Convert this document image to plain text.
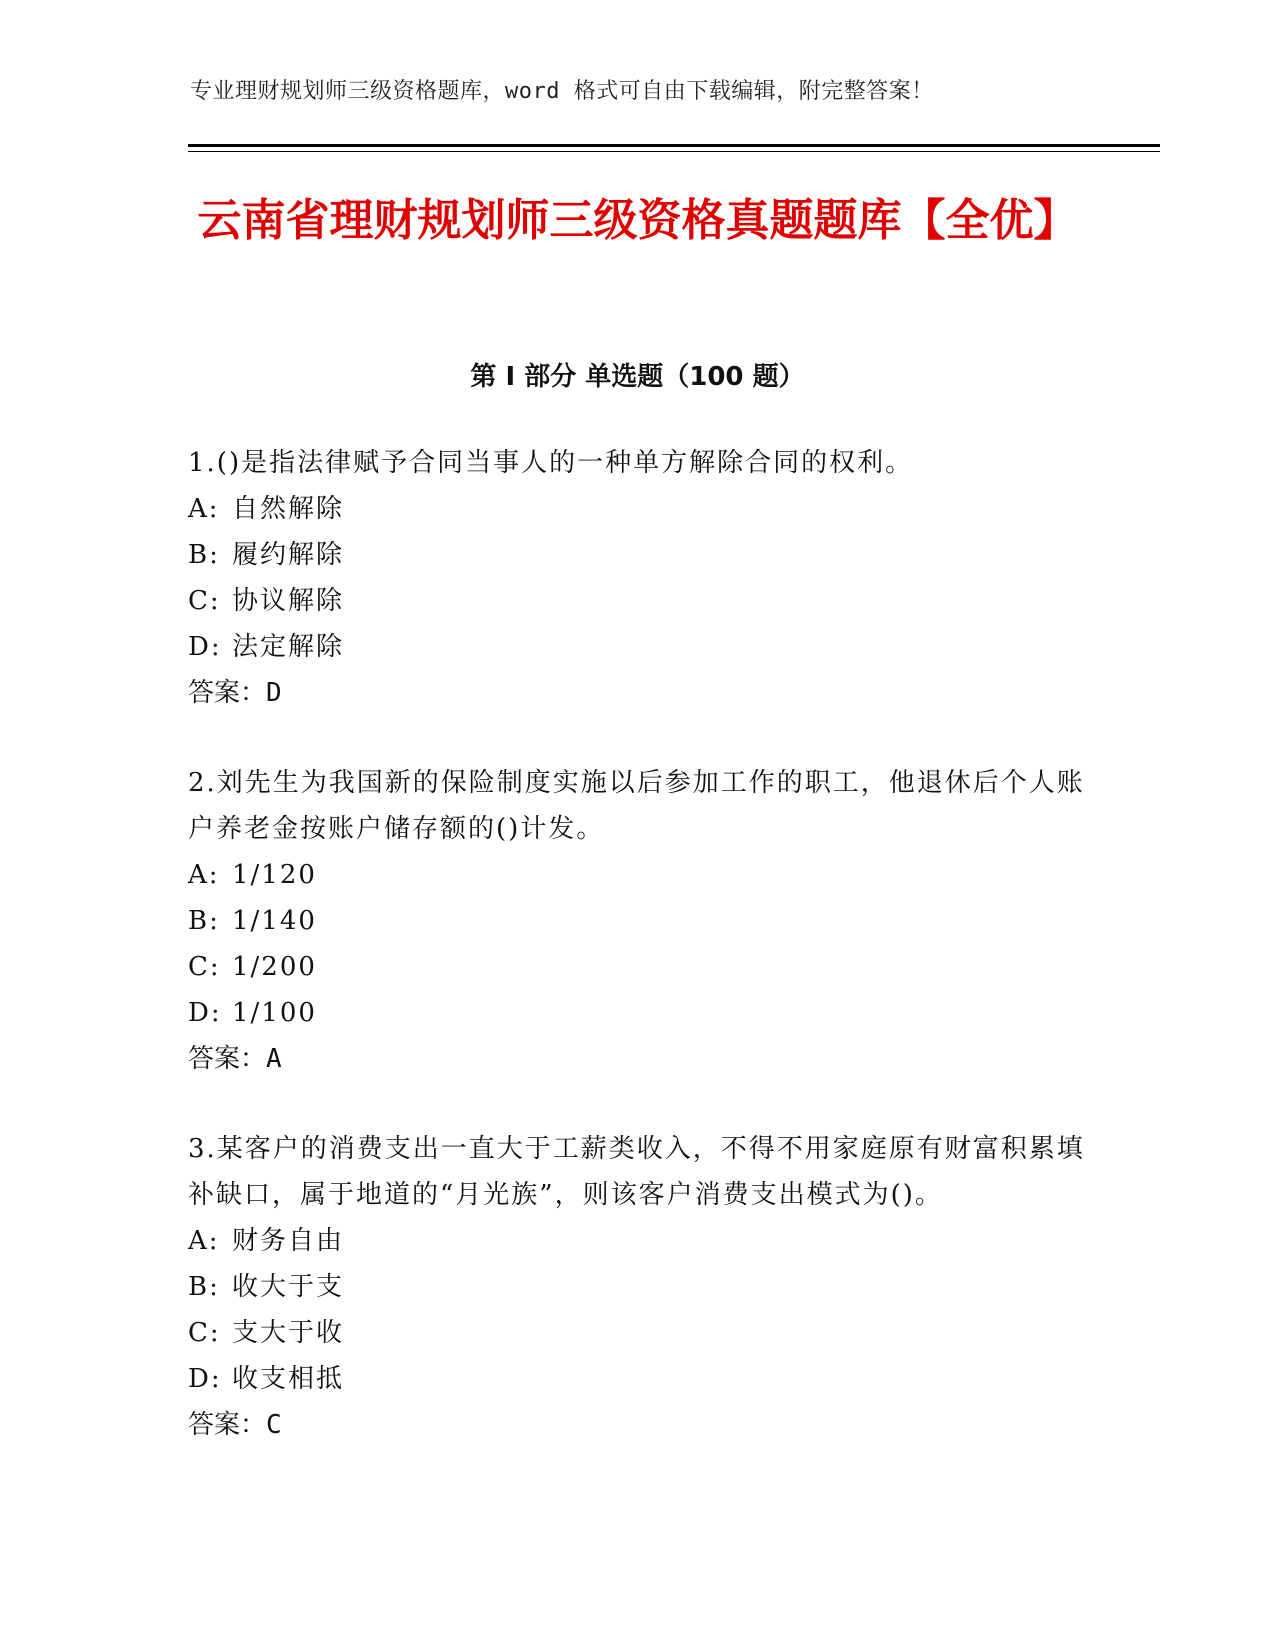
专业理财规划师三级资格题库，word 格式可自由下载编辑，附完整答案！
云南省理财规划师三级资格真题题库【全优】
第 I 部分 单选题（100 题）
1.()是指法律赋予合同当事人的一种单方解除合同的权利。
A: 自然解除
B: 履约解除
C: 协议解除
D: 法定解除
答案：D
2.刘先生为我国新的保险制度实施以后参加工作的职工，他退休后个人账户养老金按账户储存额的()计发。
A: 1/120
B: 1/140
C: 1/200
D: 1/100
答案：A
3.某客户的消费支出一直大于工薪类收入，不得不用家庭原有财富积累填补缺口，属于地道的“月光族”，则该客户消费支出模式为()。
A: 财务自由
B: 收大于支
C: 支大于收
D: 收支相抵
答案：C
